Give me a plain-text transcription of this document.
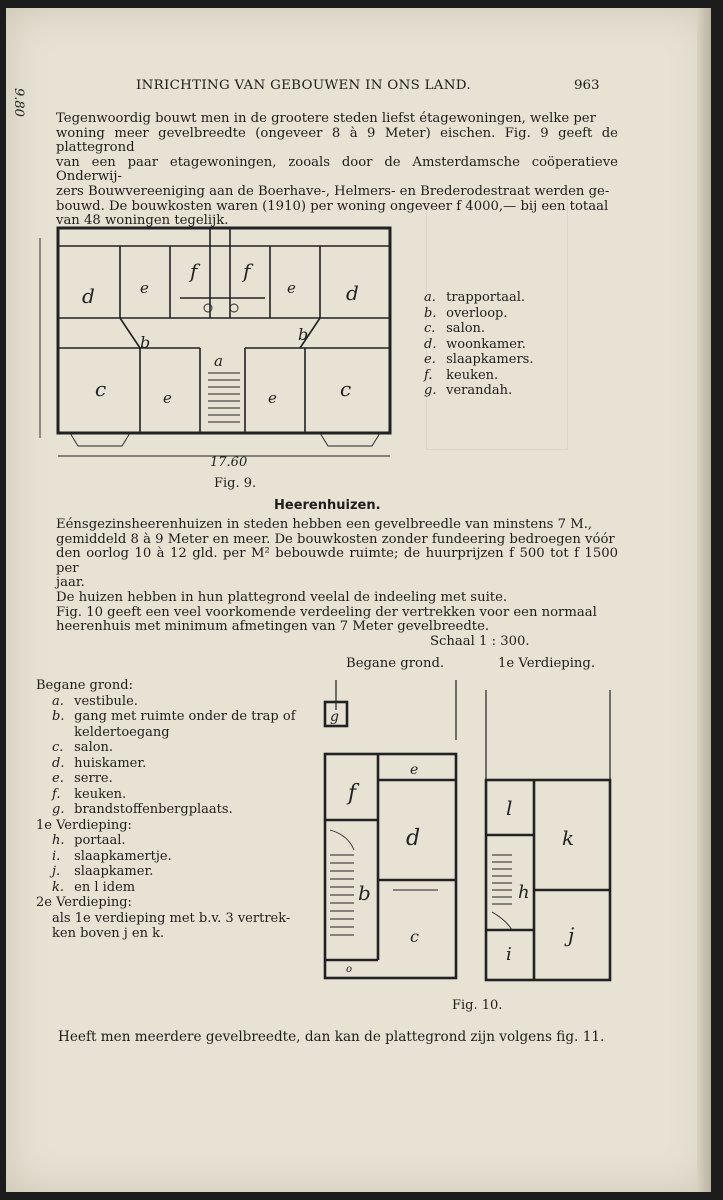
INRICHTING VAN GEBOUWEN IN ONS LAND.	963
Tegenwoordig bouwt men in de grootere steden liefst étagewoningen, welke per
woning meer gevelbreedte (ongeveer 8 à 9 Meter) eischen. Fig. 9 geeft de plattegrond
van een paar etagewoningen, zooals door de Amsterdamsche coöperatieve Onderwij-
zers Bouwvereeniging aan de Boerhave-, Helmers- en Brederodestraat werden ge-
bouwd. De bouwkosten waren (1910) per woning ongeveer f 4000,— bij een totaal
van 48 woningen tegelijk.
d	e
f f
e	d
b	b
a
c	e	e	c
17.60
9.80
a. trapportaal.
b. overloop.
c. salon.
d. woonkamer.
e. slaapkamers.
f. keuken.
g. verandah.
Fig. 9.
Heerenhuizen.
Eénsgezinsheerenhuizen in steden hebben een gevelbreedle van minstens 7 M.,
gemiddeld 8 à 9 Meter en meer. De bouwkosten zonder fundeering bedroegen vóór
den oorlog 10 à 12 gld. per M² bebouwde ruimte; de huurprijzen f 500 tot f 1500 per
jaar.
De huizen hebben in hun plattegrond veelal de indeeling met suite.
Fig. 10 geeft een veel voorkomende verdeeling der vertrekken voor een normaal
heerenhuis met minimum afmetingen van 7 Meter gevelbreedte.
Schaal 1 : 300.
Begane grond.	1e Verdieping.
Begane grond:
a. vestibule.
b. gang met ruimte onder de trap of
keldertoegang
c. salon.
d. huiskamer.
e. serre.
f. keuken.
g. brandstoffenbergplaats.
1e Verdieping:
h. portaal.
i. slaapkamertje.
j. slaapkamer.
k. en l idem
2e Verdieping:
als 1e verdieping met b.v. 3 vertrek-
ken boven j en k.
g
e
f
d
b
c
o
l
k
h
j
i
Fig. 10.
Heeft men meerdere gevelbreedte, dan kan de plattegrond zijn volgens fig. 11.
